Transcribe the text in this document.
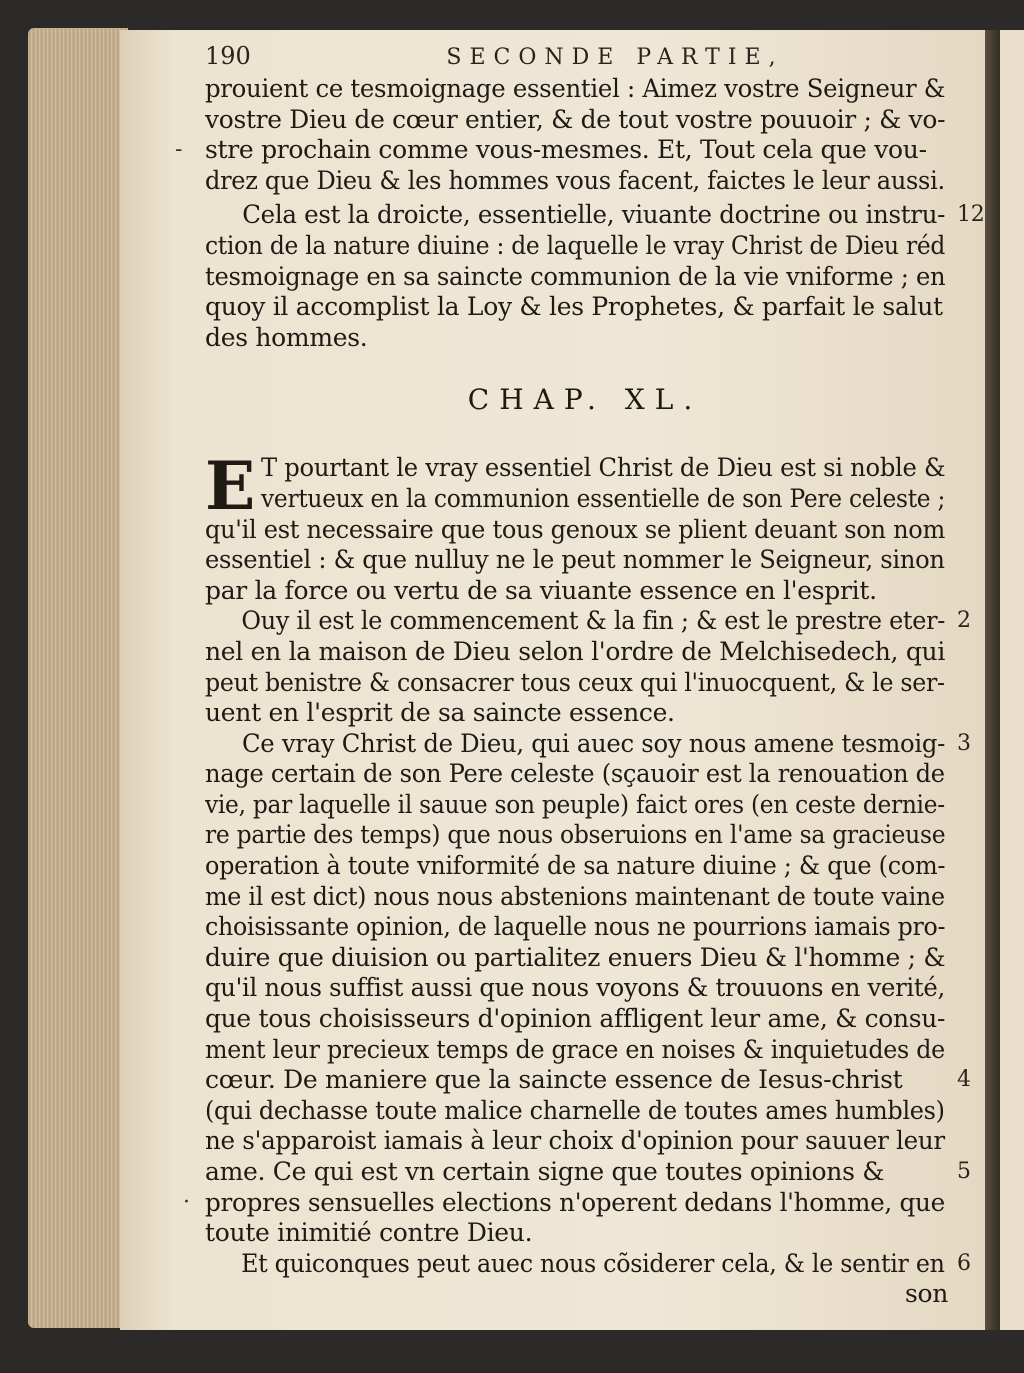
190	SECONDE PARTIE,
prouient ce tesmoignage essentiel : Aimez vostre Seigneur &
vostre Dieu de cœur entier, & de tout vostre pouuoir ; & vo-
- stre prochain comme vous-mesmes. Et, Tout cela que vou-
drez que Dieu & les hommes vous facent, faictes le leur aussi.
Cela est la droicte, essentielle, viuante doctrine ou instru- 12
ction de la nature diuine : de laquelle le vray Christ de Dieu réd
tesmoignage en sa saincte communion de la vie vniforme ; en
quoy il accomplist la Loy & les Prophetes, & parfait le salut
des hommes.
CHAP. XL.
E T pourtant le vray essentiel Christ de Dieu est si noble &
vertueux en la communion essentielle de son Pere celeste ;
qu'il est necessaire que tous genoux se plient deuant son nom
essentiel : & que nulluy ne le peut nommer le Seigneur, sinon
par la force ou vertu de sa viuante essence en l'esprit.
Ouy il est le commencement & la fin ; & est le prestre eter- 2
nel en la maison de Dieu selon l'ordre de Melchisedech, qui
peut benistre & consacrer tous ceux qui l'inuocquent, & le ser-
uent en l'esprit de sa saincte essence.
Ce vray Christ de Dieu, qui auec soy nous amene tesmoig- 3
nage certain de son Pere celeste (sçauoir est la renouation de
vie, par laquelle il sauue son peuple) faict ores (en ceste dernie-
re partie des temps) que nous obseruions en l'ame sa gracieuse
operation à toute vniformité de sa nature diuine ; & que (com-
me il est dict) nous nous abstenions maintenant de toute vaine
choisissante opinion, de laquelle nous ne pourrions iamais pro-
duire que diuision ou partialitez enuers Dieu & l'homme ; &
qu'il nous suffist aussi que nous voyons & trouuons en verité,
que tous choisisseurs d'opinion affligent leur ame, & consu-
ment leur precieux temps de grace en noises & inquietudes de
cœur. De maniere que la saincte essence de Iesus-christ 4
(qui dechasse toute malice charnelle de toutes ames humbles)
ne s'apparoist iamais à leur choix d'opinion pour sauuer leur
ame. Ce qui est vn certain signe que toutes opinions &	5
· propres sensuelles elections n'operent dedans l'homme, que
toute inimitié contre Dieu.
Et quiconques peut auec nous cõsiderer cela, & le sentir en 6
son
